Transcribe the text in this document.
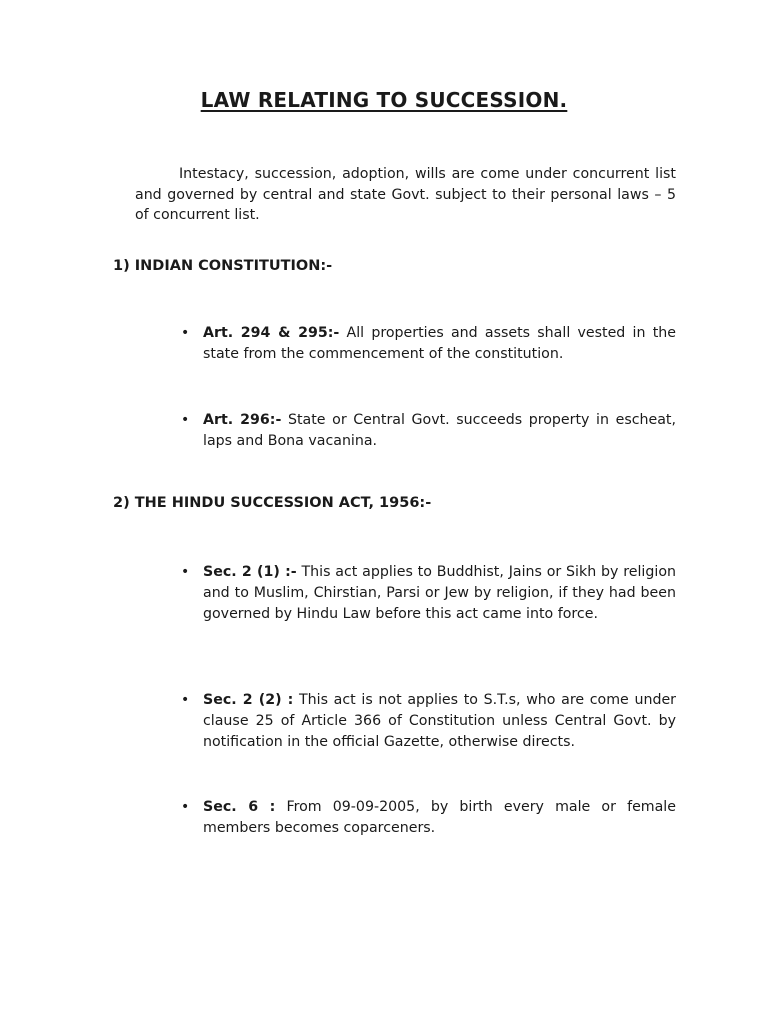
LAW RELATING TO SUCCESSION.

Intestacy, succession, adoption, wills are come under concurrent list and governed by central and state Govt. subject to their personal laws – 5 of concurrent list.

1) INDIAN CONSTITUTION:-

• Art. 294 & 295:- All properties and assets shall vested in the state from the commencement of the constitution.

• Art. 296:- State or Central Govt. succeeds property in escheat, laps and Bona vacanina.

2) THE HINDU SUCCESSION ACT, 1956:-

• Sec. 2 (1) :- This act applies to Buddhist, Jains or Sikh by religion and to Muslim, Chirstian, Parsi or Jew by religion, if they had been governed by Hindu Law before this act came into force.

• Sec. 2 (2) : This act is not applies to S.T.s, who are come under clause 25 of Article 366 of Constitution unless Central Govt. by notification in the official Gazette, otherwise directs.

• Sec. 6 : From 09-09-2005, by birth every male or female members becomes coparceners.
